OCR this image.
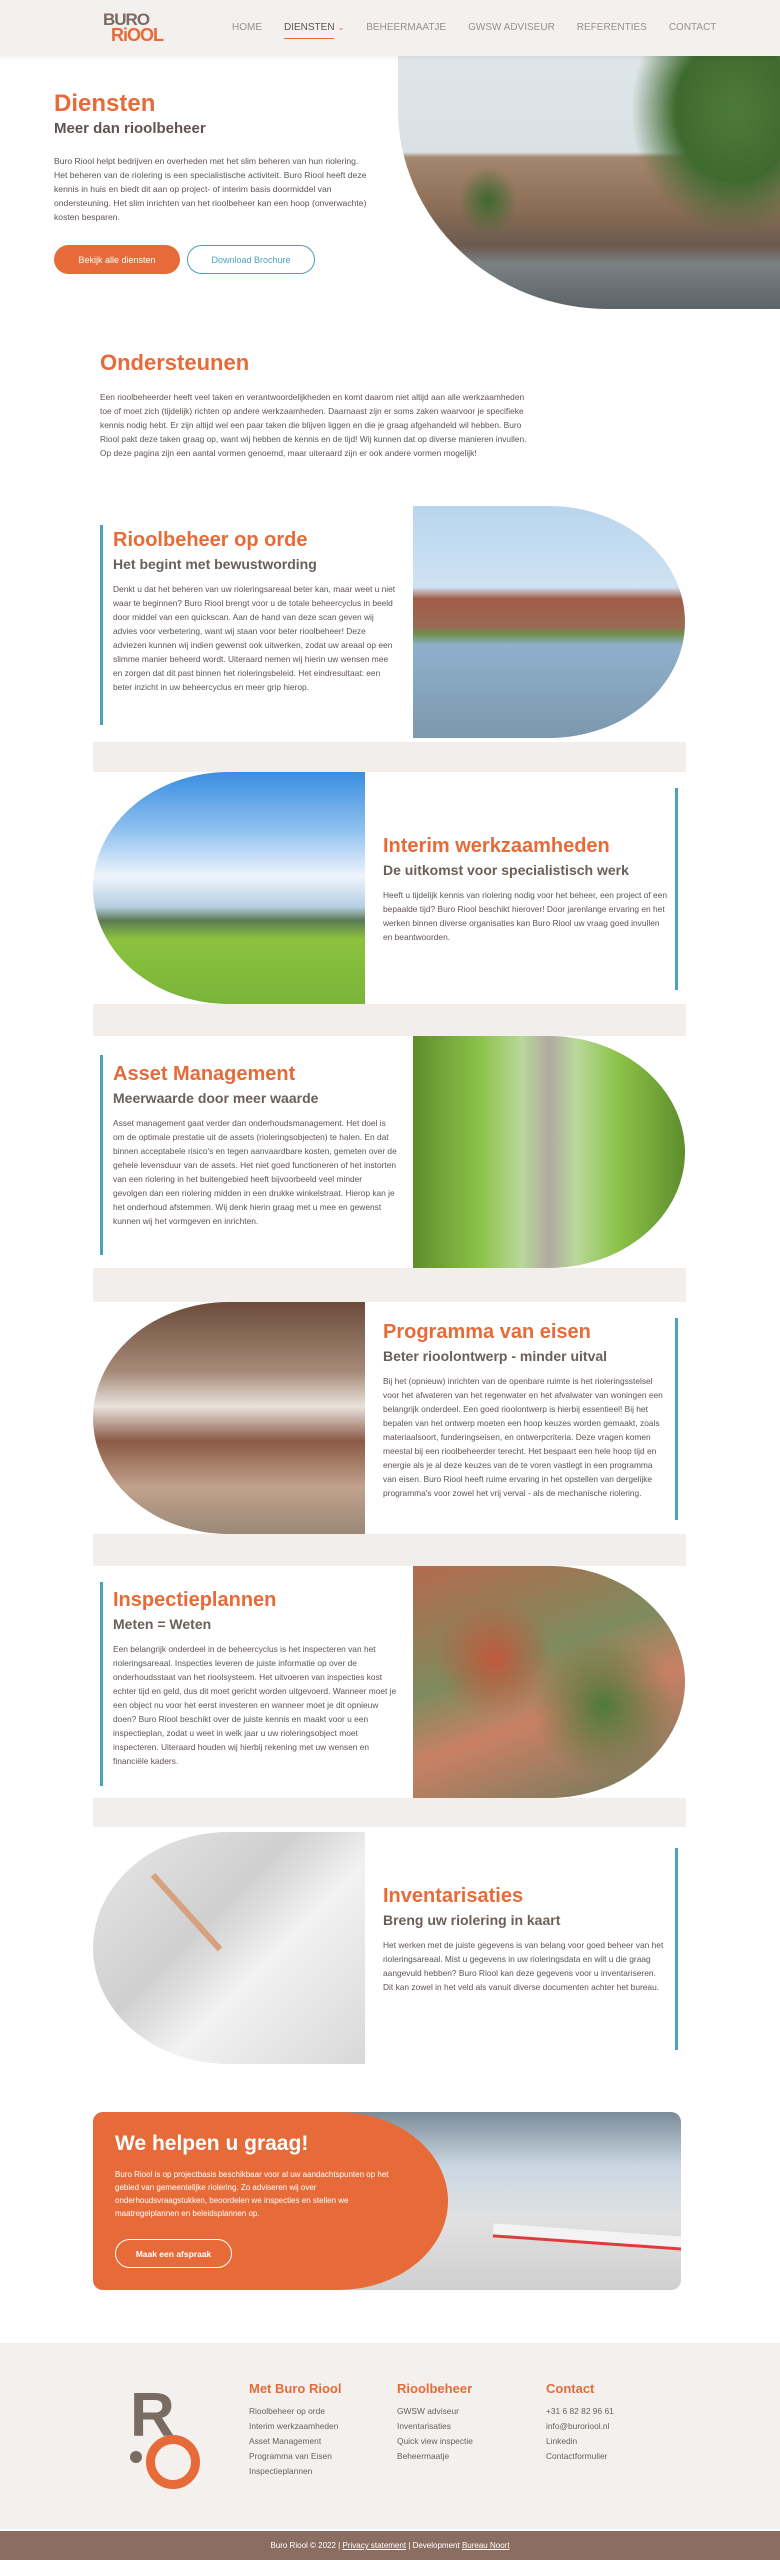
BURO
RiOOL	HOME DIENSTEN ⌄ BEHEERMAATJE GWSW ADVISEUR REFERENTIES CONTACT
Diensten
Meer dan rioolbeheer

Buro Riool helpt bedrijven en overheden met het slim beheren van hun riolering. Het beheren van de riolering is een specialistische activiteit. Buro Riool heeft deze kennis in huis en biedt dit aan op project- of interim basis doormiddel van ondersteuning. Het slim inrichten van het rioolbeheer kan een hoop (onverwachte) kosten besparen.

Bekijk alle diensten	Download Brochure
Ondersteunen

Een rioolbeheerder heeft veel taken en verantwoordelijkheden en komt daarom niet altijd aan alle werkzaamheden toe of moet zich (tijdelijk) richten op andere werkzaamheden. Daarnaast zijn er soms zaken waarvoor je specifieke kennis nodig hebt. Er zijn altijd wel een paar taken die blijven liggen en die je graag afgehandeld wil hebben. Buro Riool pakt deze taken graag op, want wij hebben de kennis en de tijd! Wij kunnen dat op diverse manieren invullen. Op deze pagina zijn een aantal vormen genoemd, maar uiteraard zijn er ook andere vormen mogelijk!

Rioolbeheer op orde
Het begint met bewustwording

Denkt u dat het beheren van uw rioleringsareaal beter kan, maar weet u niet waar te beginnen? Buro Riool brengt voor u de totale beheercyclus in beeld door middel van een quickscan. Aan de hand van deze scan geven wij advies voor verbetering, want wij staan voor beter rioolbeheer! Deze adviezen kunnen wij indien gewenst ook uitwerken, zodat uw areaal op een slimme manier beheerd wordt. Uiteraard nemen wij hierin uw wensen mee en zorgen dat dit past binnen het rioleringsbeleid. Het eindresultaat: een beter inzicht in uw beheercyclus en meer grip hierop.

Interim werkzaamheden
De uitkomst voor specialistisch werk

Heeft u tijdelijk kennis van riolering nodig voor het beheer, een project of een bepaalde tijd? Buro Riool beschikt hierover! Door jarenlange ervaring en het werken binnen diverse organisaties kan Buro Riool uw vraag goed invullen en beantwoorden.

Asset Management
Meerwaarde door meer waarde

Asset management gaat verder dan onderhoudsmanagement. Het doel is om de optimale prestatie uit de assets (rioleringsobjecten) te halen. En dat binnen acceptabele risico's en tegen aanvaardbare kosten, gemeten over de gehele levensduur van de assets. Het niet goed functioneren of het instorten van een riolering in het buitengebied heeft bijvoorbeeld veel minder gevolgen dan een riolering midden in een drukke winkelstraat. Hierop kan je het onderhoud afstemmen. Wij denk hierin graag met u mee en gewenst kunnen wij het vormgeven en inrichten.

Programma van eisen
Beter rioolontwerp - minder uitval

Bij het (opnieuw) inrichten van de openbare ruimte is het rioleringsstelsel voor het afwateren van het regenwater en het afvalwater van woningen een belangrijk onderdeel. Een goed rioolontwerp is hierbij essentieel! Bij het bepalen van het ontwerp moeten een hoop keuzes worden gemaakt, zoals materiaalsoort, funderingseisen, en ontwerpcriteria. Deze vragen komen meestal bij een rioolbeheerder terecht. Het bespaart een hele hoop tijd en energie als je al deze keuzes van de te voren vastlegt in een programma van eisen. Buro Riool heeft ruime ervaring in het opstellen van dergelijke programma's voor zowel het vrij verval - als de mechanische riolering.

Inspectieplannen
Meten = Weten

Een belangrijk onderdeel in de beheercyclus is het inspecteren van het rioleringsareaal. Inspecties leveren de juiste informatie op over de onderhoudsstaat van het rioolsysteem. Het uitvoeren van inspecties kost echter tijd en geld, dus dit moet gericht worden uitgevoerd. Wanneer moet je een object nu voor het eerst investeren en wanneer moet je dit opnieuw doen? Buro Riool beschikt over de juiste kennis en maakt voor u een inspectieplan, zodat u weet in welk jaar u uw rioleringsobject moet inspecteren. Uiteraard houden wij hierbij rekening met uw wensen en financiële kaders.

Inventarisaties
Breng uw riolering in kaart

Het werken met de juiste gegevens is van belang voor goed beheer van het rioleringsareaal. Mist u gegevens in uw rioleringsdata en wilt u die graag aangevuld hebben? Buro Riool kan deze gegevens voor u inventariseren. Dit kan zowel in het veld als vanuit diverse documenten achter het bureau.

We helpen u graag!

Buro Riool is op projectbasis beschikbaar voor al uw aandachtspunten op het gebied van gemeentelijke riolering. Zo adviseren wij over onderhoudsvraagstukken, beoordelen we inspecties en stellen we maatregelplannen en beleidsplannen op.

Maak een afspraak
R	Met Buro Riool
Rioolbeheer op orde
Interim werkzaamheden
Asset Management
Programma van Eisen
Inspectieplannen
Rioolbeheer
GWSW adviseur
Inventarisaties
Quick view inspectie
Beheermaatje
Contact
+31 6 82 82 96 61
info@buroriool.nl
Linkedin
Contactformulier
Buro Riool © 2022 |
Privacy statement
| Development
Bureau Noort
